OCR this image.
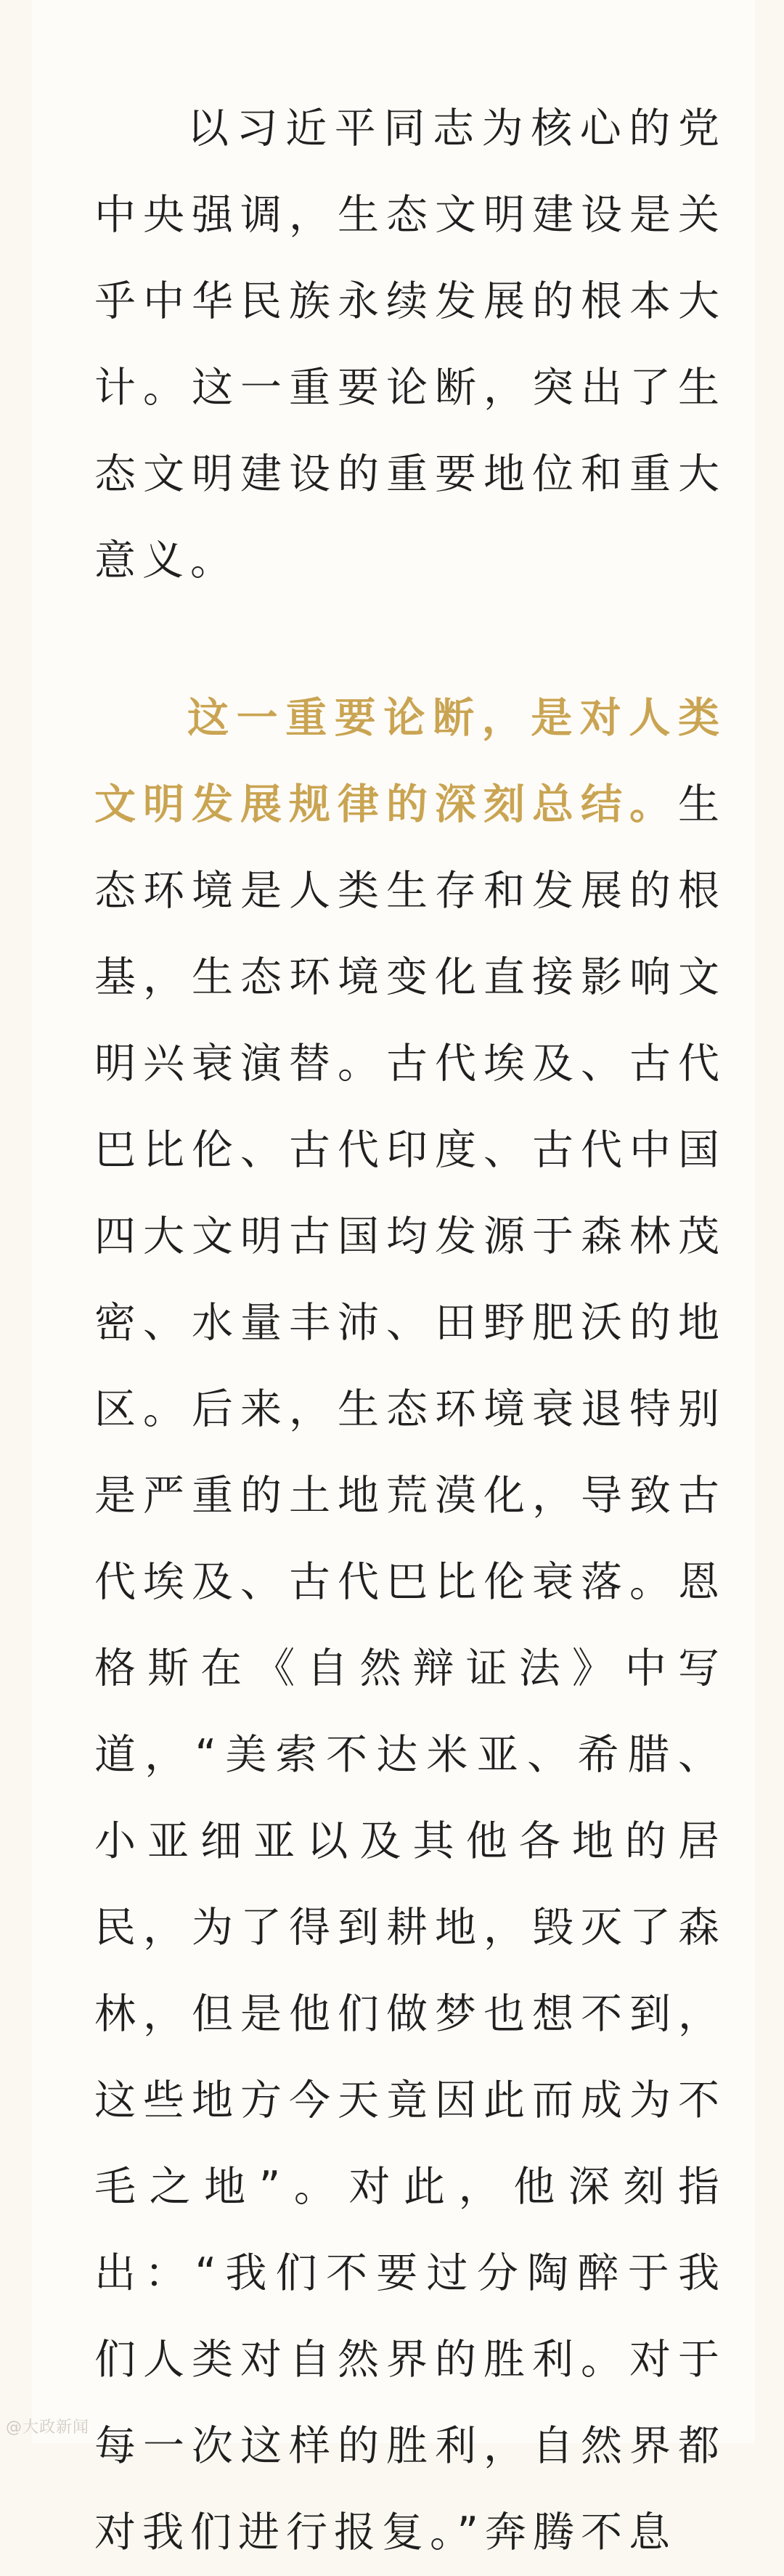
以习近平同志为核心的党中央强调，生态文明建设是关乎中华民族永续发展的根本大计。这一重要论断，突出了生态文明建设的重要地位和重大意义。

这一重要论断，是对人类文明发展规律的深刻总结。生态环境是人类生存和发展的根基，生态环境变化直接影响文明兴衰演替。古代埃及、古代巴比伦、古代印度、古代中国四大文明古国均发源于森林茂密、水量丰沛、田野肥沃的地区。后来，生态环境衰退特别是严重的土地荒漠化，导致古代埃及、古代巴比伦衰落。恩格斯在《自然辩证法》中写道，“美索不达米亚、希腊、小亚细亚以及其他各地的居民，为了得到耕地，毁灭了森林，但是他们做梦也想不到，这些地方今天竟因此而成为不毛之地”。对此，他深刻指出：“我们不要过分陶醉于我们人类对自然界的胜利。对于每一次这样的胜利，自然界都对我们进行报复。”奔腾不息

@大政新闻
